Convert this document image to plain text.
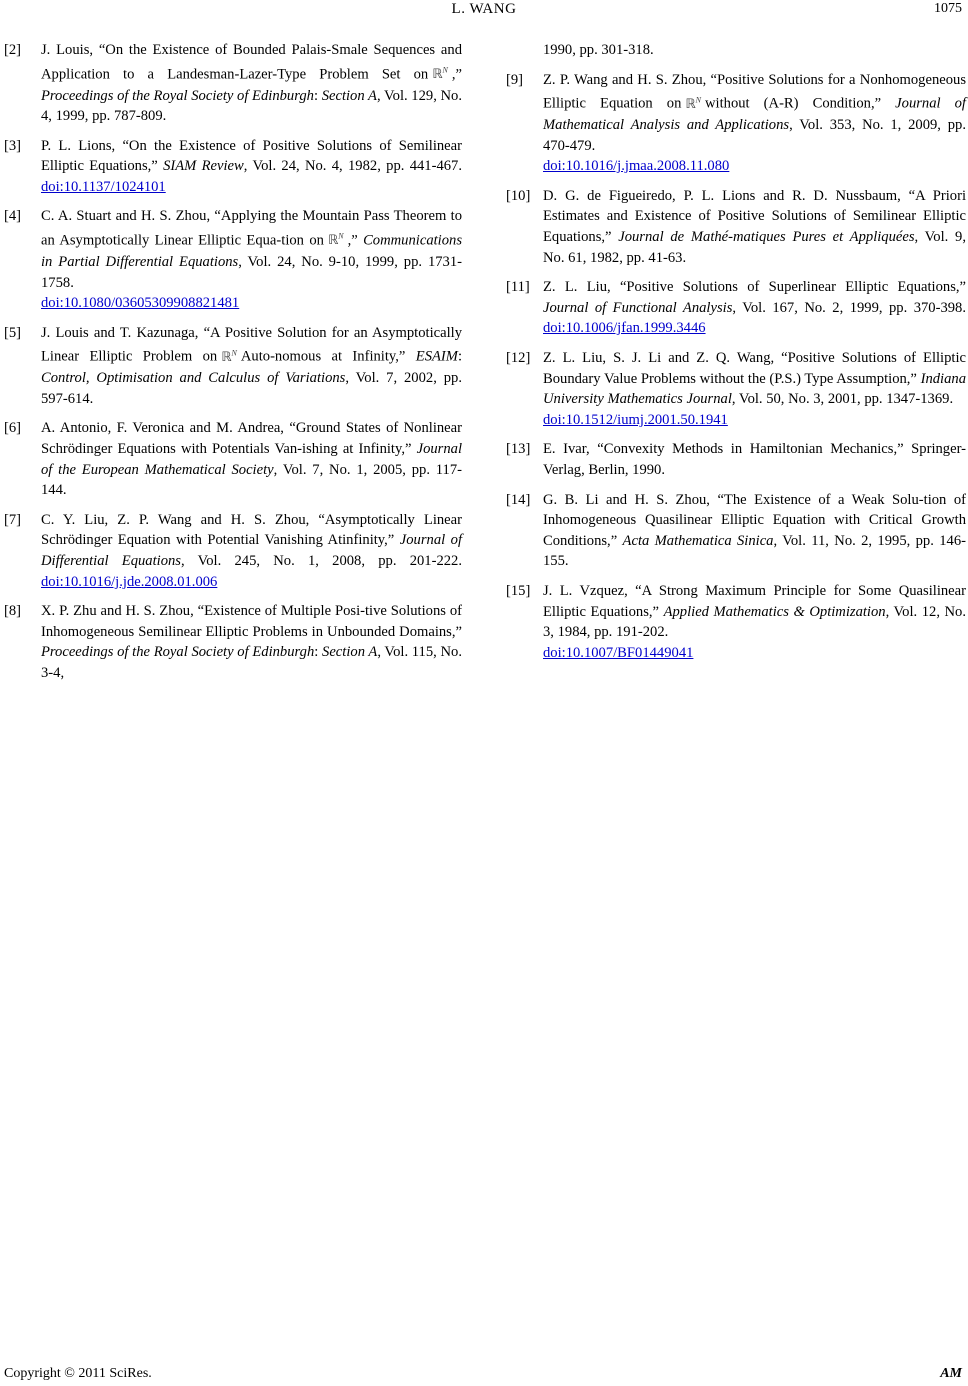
L. WANG	1075
[2] J. Louis, “On the Existence of Bounded Palais-Smale Sequences and Application to a Landesman-Lazer-Type Problem Set on ℝ$^N$ ,” Proceedings of the Royal Society of Edinburgh: Section A, Vol. 129, No. 4, 1999, pp. 787-809.
[3] P. L. Lions, “On the Existence of Positive Solutions of Semilinear Elliptic Equations,” SIAM Review, Vol. 24, No. 4, 1982, pp. 441-467. doi:10.1137/1024101
[4] C. A. Stuart and H. S. Zhou, “Applying the Mountain Pass Theorem to an Asymptotically Linear Elliptic Equa-tion on ℝ$^N$ ,” Communications in Partial Differential Equations, Vol. 24, No. 9-10, 1999, pp. 1731-1758.
doi:10.1080/03605309908821481
[5] J. Louis and T. Kazunaga, “A Positive Solution for an Asymptotically Linear Elliptic Problem on ℝ$^N$ Auto-nomous at Infinity,” ESAIM: Control, Optimisation and Calculus of Variations, Vol. 7, 2002, pp. 597-614.
[6] A. Antonio, F. Veronica and M. Andrea, “Ground States of Nonlinear Schrödinger Equations with Potentials Van-ishing at Infinity,” Journal of the European Mathematical Society, Vol. 7, No. 1, 2005, pp. 117-144.
[7] C. Y. Liu, Z. P. Wang and H. S. Zhou, “Asymptotically Linear Schrödinger Equation with Potential Vanishing Atinfinity,” Journal of Differential Equations, Vol. 245, No. 1, 2008, pp. 201-222. doi:10.1016/j.jde.2008.01.006
[8] X. P. Zhu and H. S. Zhou, “Existence of Multiple Posi-tive Solutions of Inhomogeneous Semilinear Elliptic Problems in Unbounded Domains,” Proceedings of the Royal Society of Edinburgh: Section A, Vol. 115, No. 3-4,
1990, pp. 301-318.
[9] Z. P. Wang and H. S. Zhou, “Positive Solutions for a Nonhomogeneous Elliptic Equation on ℝ$^N$ without (A-R) Condition,” Journal of Mathematical Analysis and Applications, Vol. 353, No. 1, 2009, pp. 470-479.
doi:10.1016/j.jmaa.2008.11.080
[10] D. G. de Figueiredo, P. L. Lions and R. D. Nussbaum, “A Priori Estimates and Existence of Positive Solutions of Semilinear Elliptic Equations,” Journal de Mathé-matiques Pures et Appliquées, Vol. 9, No. 61, 1982, pp. 41-63.
[11] Z. L. Liu, “Positive Solutions of Superlinear Elliptic Equations,” Journal of Functional Analysis, Vol. 167, No. 2, 1999, pp. 370-398. doi:10.1006/jfan.1999.3446
[12] Z. L. Liu, S. J. Li and Z. Q. Wang, “Positive Solutions of Elliptic Boundary Value Problems without the (P.S.) Type Assumption,” Indiana University Mathematics Journal, Vol. 50, No. 3, 2001, pp. 1347-1369.
doi:10.1512/iumj.2001.50.1941
[13] E. Ivar, “Convexity Methods in Hamiltonian Mechanics,” Springer-Verlag, Berlin, 1990.
[14] G. B. Li and H. S. Zhou, “The Existence of a Weak Solu-tion of Inhomogeneous Quasilinear Elliptic Equation with Critical Growth Conditions,” Acta Mathematica Sinica, Vol. 11, No. 2, 1995, pp. 146-155.
[15] J. L. Vzquez, “A Strong Maximum Principle for Some Quasilinear Elliptic Equations,” Applied Mathematics & Optimization, Vol. 12, No. 3, 1984, pp. 191-202.
doi:10.1007/BF01449041
Copyright © 2011 SciRes.	AM
